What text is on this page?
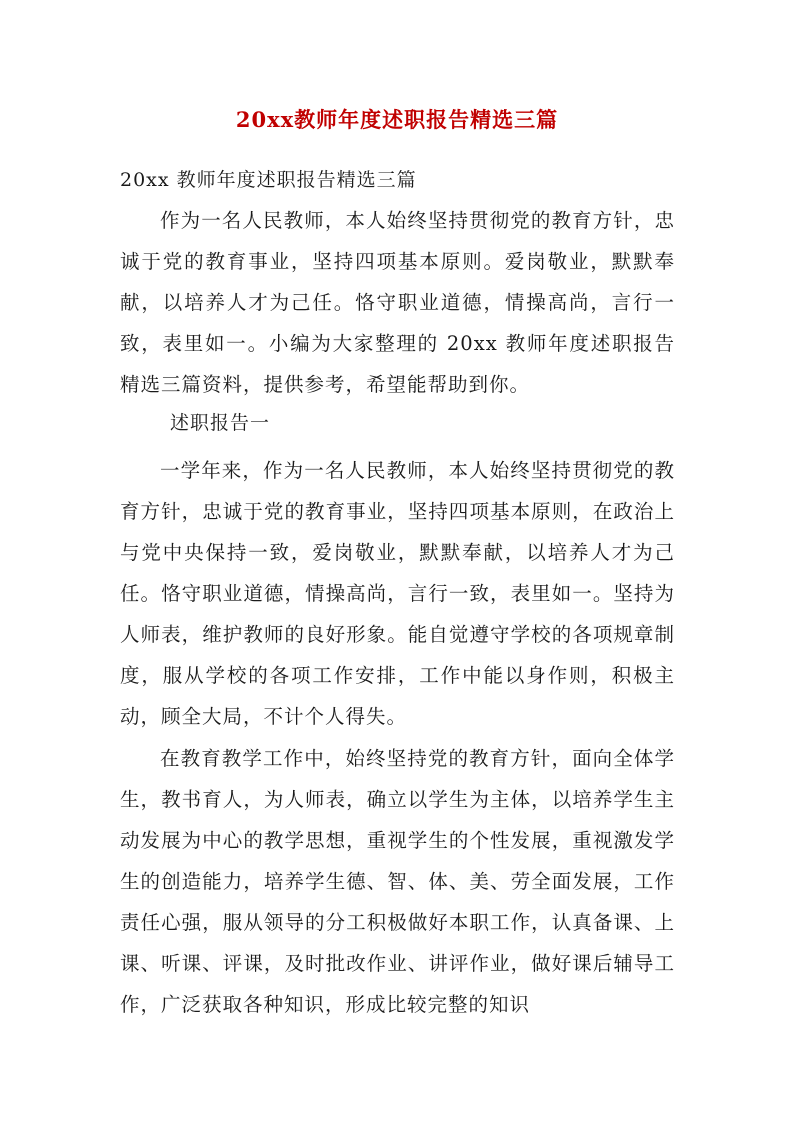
20xx教师年度述职报告精选三篇

20xx 教师年度述职报告精选三篇

作为一名人民教师，本人始终坚持贯彻党的教育方针，忠诚于党的教育事业，坚持四项基本原则。爱岗敬业，默默奉献，以培养人才为己任。恪守职业道德，情操高尚，言行一致，表里如一。小编为大家整理的 20xx 教师年度述职报告精选三篇资料，提供参考，希望能帮助到你。

述职报告一

一学年来，作为一名人民教师，本人始终坚持贯彻党的教育方针，忠诚于党的教育事业，坚持四项基本原则，在政治上与党中央保持一致，爱岗敬业，默默奉献，以培养人才为己任。恪守职业道德，情操高尚，言行一致，表里如一。坚持为人师表，维护教师的良好形象。能自觉遵守学校的各项规章制度，服从学校的各项工作安排，工作中能以身作则，积极主动，顾全大局，不计个人得失。

在教育教学工作中，始终坚持党的教育方针，面向全体学生，教书育人，为人师表，确立以学生为主体，以培养学生主动发展为中心的教学思想，重视学生的个性发展，重视激发学生的创造能力，培养学生德、智、体、美、劳全面发展，工作责任心强，服从领导的分工积极做好本职工作，认真备课、上课、听课、评课，及时批改作业、讲评作业，做好课后辅导工作，广泛获取各种知识，形成比较完整的知识
